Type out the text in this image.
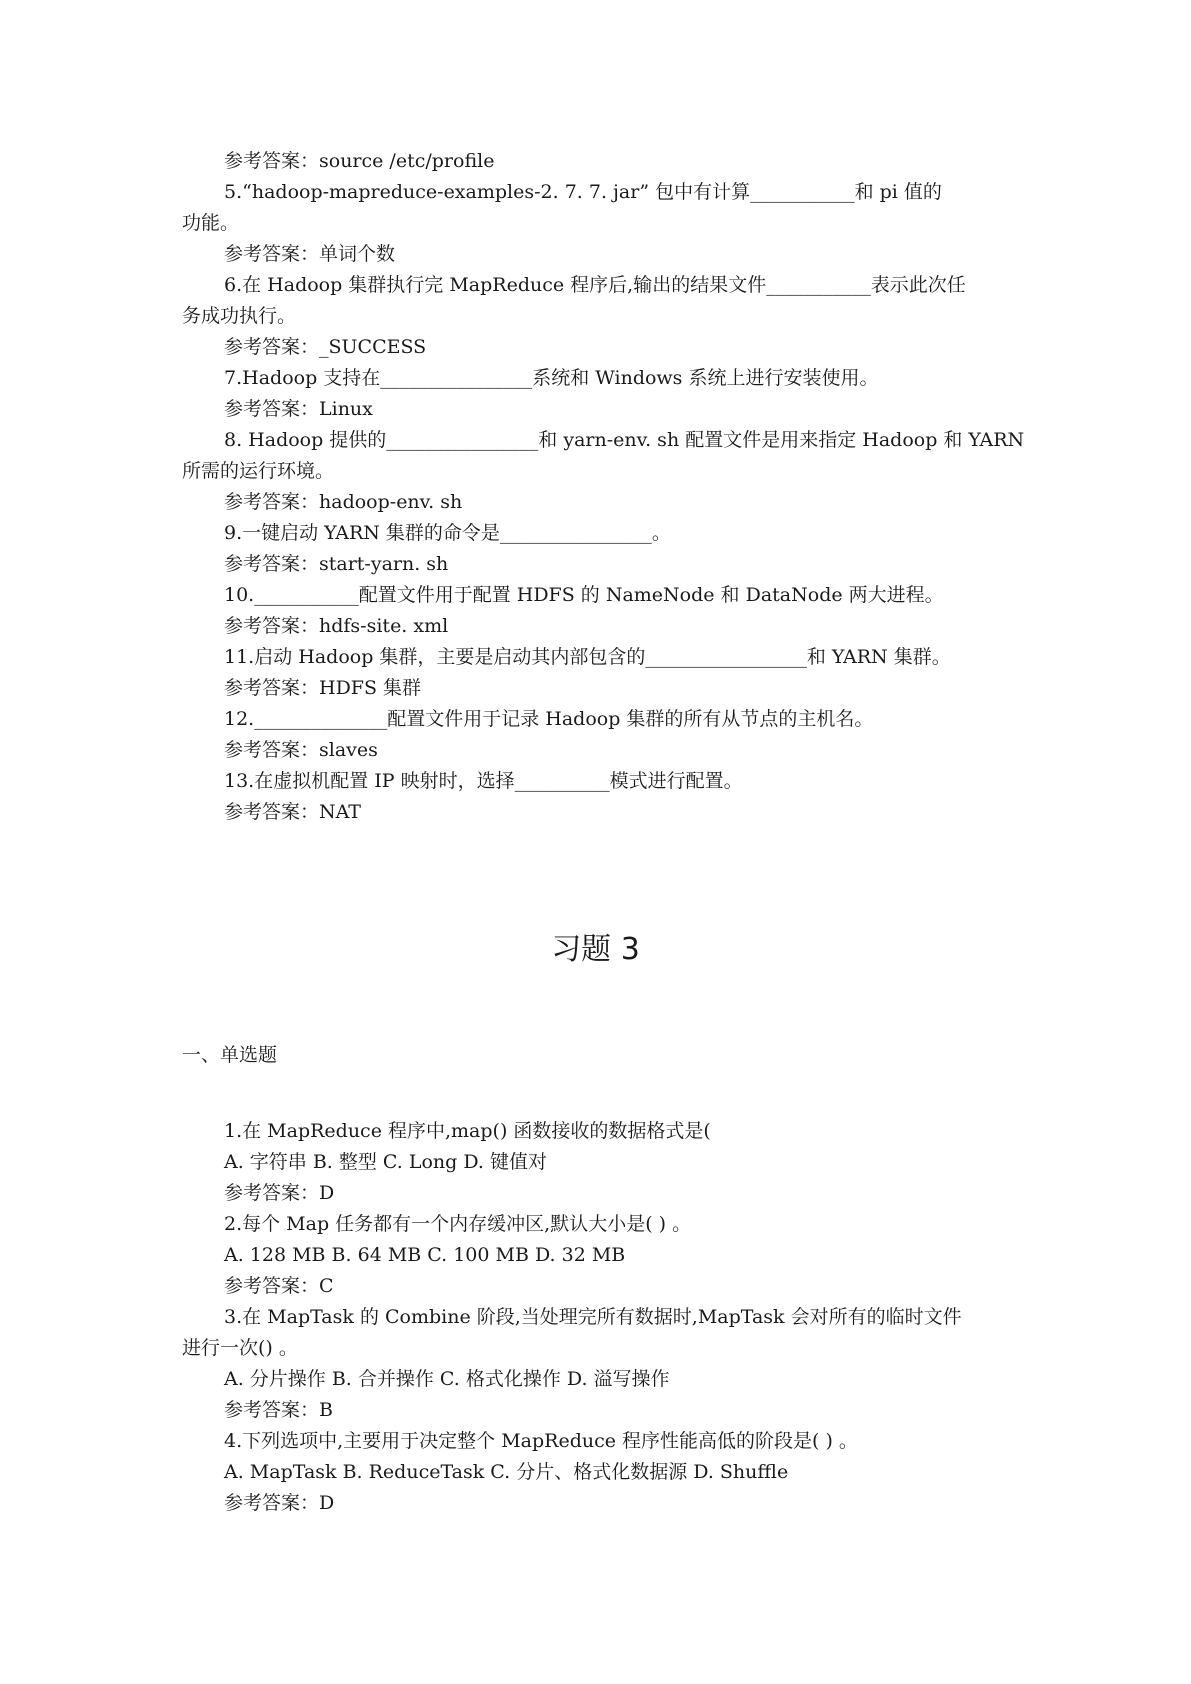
参考答案：source /etc/profile
5.“hadoop-mapreduce-examples-2. 7. 7. jar” 包中有计算___________和 pi 值的
功能。
参考答案：单词个数
6.在 Hadoop 集群执行完 MapReduce 程序后,输出的结果文件___________表示此次任
务成功执行。
参考答案：_SUCCESS
7.Hadoop 支持在________________系统和 Windows 系统上进行安装使用。
参考答案：Linux
8. Hadoop 提供的________________和 yarn-env. sh 配置文件是用来指定 Hadoop 和 YARN
所需的运行环境。
参考答案：hadoop-env. sh
9.一键启动 YARN 集群的命令是________________。
参考答案：start-yarn. sh
10.___________配置文件用于配置 HDFS 的 NameNode 和 DataNode 两大进程。
参考答案：hdfs-site. xml
11.启动 Hadoop 集群，主要是启动其内部包含的_________________和 YARN 集群。
参考答案：HDFS 集群
12.______________配置文件用于记录 Hadoop 集群的所有从节点的主机名。
参考答案：slaves
13.在虚拟机配置 IP 映射时，选择__________模式进行配置。
参考答案：NAT
习题 3
一、单选题
1.在 MapReduce 程序中,map() 函数接收的数据格式是(
A. 字符串 B. 整型 C. Long D. 键值对
参考答案：D
2.每个 Map 任务都有一个内存缓冲区,默认大小是( ) 。
A. 128 MB B. 64 MB C. 100 MB D. 32 MB
参考答案：C
3.在 MapTask 的 Combine 阶段,当处理完所有数据时,MapTask 会对所有的临时文件
进行一次() 。
A. 分片操作 B. 合并操作 C. 格式化操作 D. 溢写操作
参考答案：B
4.下列选项中,主要用于决定整个 MapReduce 程序性能高低的阶段是( ) 。
A. MapTask B. ReduceTask C. 分片、格式化数据源 D. Shuffle
参考答案：D
